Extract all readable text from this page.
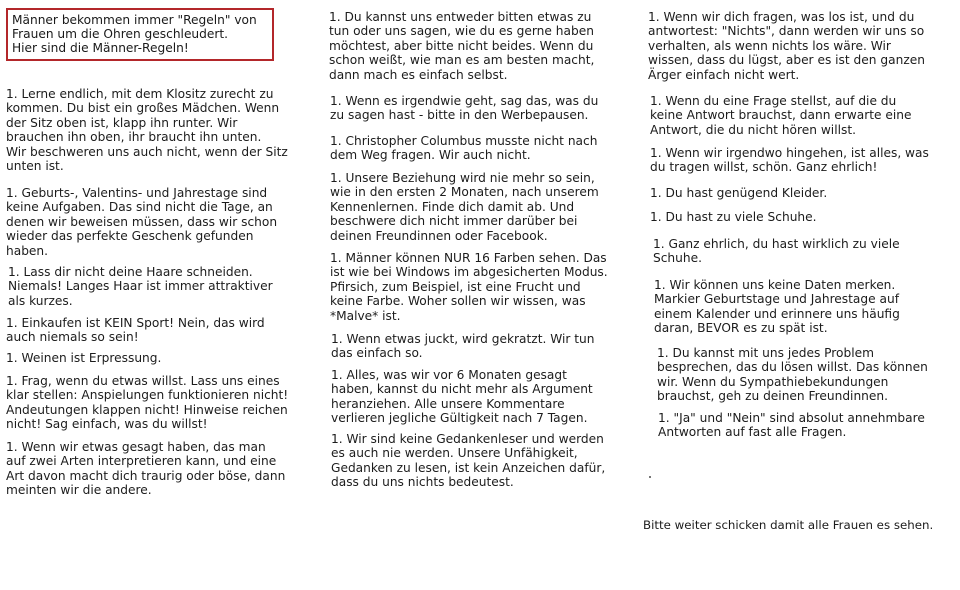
Männer bekommen immer "Regeln" von
Frauen um die Ohren geschleudert.
Hier sind die Männer-Regeln!
1. Lerne endlich, mit dem Klositz zurecht zu
kommen. Du bist ein großes Mädchen. Wenn
der Sitz oben ist, klapp ihn runter. Wir
brauchen ihn oben, ihr braucht ihn unten.
Wir beschweren uns auch nicht, wenn der Sitz
unten ist.
1. Geburts-, Valentins- und Jahrestage sind
keine Aufgaben. Das sind nicht die Tage, an
denen wir beweisen müssen, dass wir schon
wieder das perfekte Geschenk gefunden
haben.
1. Lass dir nicht deine Haare schneiden.
Niemals! Langes Haar ist immer attraktiver
als kurzes.
1. Einkaufen ist KEIN Sport! Nein, das wird
auch niemals so sein!
1. Weinen ist Erpressung.
1. Frag, wenn du etwas willst. Lass uns eines
klar stellen: Anspielungen funktionieren nicht!
Andeutungen klappen nicht! Hinweise reichen
nicht! Sag einfach, was du willst!
1. Wenn wir etwas gesagt haben, das man
auf zwei Arten interpretieren kann, und eine
Art davon macht dich traurig oder böse, dann
meinten wir die andere.
1. Du kannst uns entweder bitten etwas zu
tun oder uns sagen, wie du es gerne haben
möchtest, aber bitte nicht beides. Wenn du
schon weißt, wie man es am besten macht,
dann mach es einfach selbst.
1. Wenn es irgendwie geht, sag das, was du
zu sagen hast - bitte in den Werbepausen.
1. Christopher Columbus musste nicht nach
dem Weg fragen. Wir auch nicht.
1. Unsere Beziehung wird nie mehr so sein,
wie in den ersten 2 Monaten, nach unserem
Kennenlernen. Finde dich damit ab. Und
beschwere dich nicht immer darüber bei
deinen Freundinnen oder Facebook.
1. Männer können NUR 16 Farben sehen. Das
ist wie bei Windows im abgesicherten Modus.
Pfirsich, zum Beispiel, ist eine Frucht und
keine Farbe. Woher sollen wir wissen, was
*Malve* ist.
1. Wenn etwas juckt, wird gekratzt. Wir tun
das einfach so.
1. Alles, was wir vor 6 Monaten gesagt
haben, kannst du nicht mehr als Argument
heranziehen. Alle unsere Kommentare
verlieren jegliche Gültigkeit nach 7 Tagen.
1. Wir sind keine Gedankenleser und werden
es auch nie werden. Unsere Unfähigkeit,
Gedanken zu lesen, ist kein Anzeichen dafür,
dass du uns nichts bedeutest.
1. Wenn wir dich fragen, was los ist, und du
antwortest: "Nichts", dann werden wir uns so
verhalten, als wenn nichts los wäre. Wir
wissen, dass du lügst, aber es ist den ganzen
Ärger einfach nicht wert.
1. Wenn du eine Frage stellst, auf die du
keine Antwort brauchst, dann erwarte eine
Antwort, die du nicht hören willst.
1. Wenn wir irgendwo hingehen, ist alles, was
du tragen willst, schön. Ganz ehrlich!
1. Du hast genügend Kleider.
1. Du hast zu viele Schuhe.
1. Ganz ehrlich, du hast wirklich zu viele
Schuhe.
1. Wir können uns keine Daten merken.
Markier Geburtstage und Jahrestage auf
einem Kalender und erinnere uns häufig
daran, BEVOR es zu spät ist.
1. Du kannst mit uns jedes Problem
besprechen, das du lösen willst. Das können
wir. Wenn du Sympathiebekundungen
brauchst, geh zu deinen Freundinnen.
1. "Ja" und "Nein" sind absolut annehmbare
Antworten auf fast alle Fragen.
Bitte weiter schicken damit alle Frauen es sehen.
